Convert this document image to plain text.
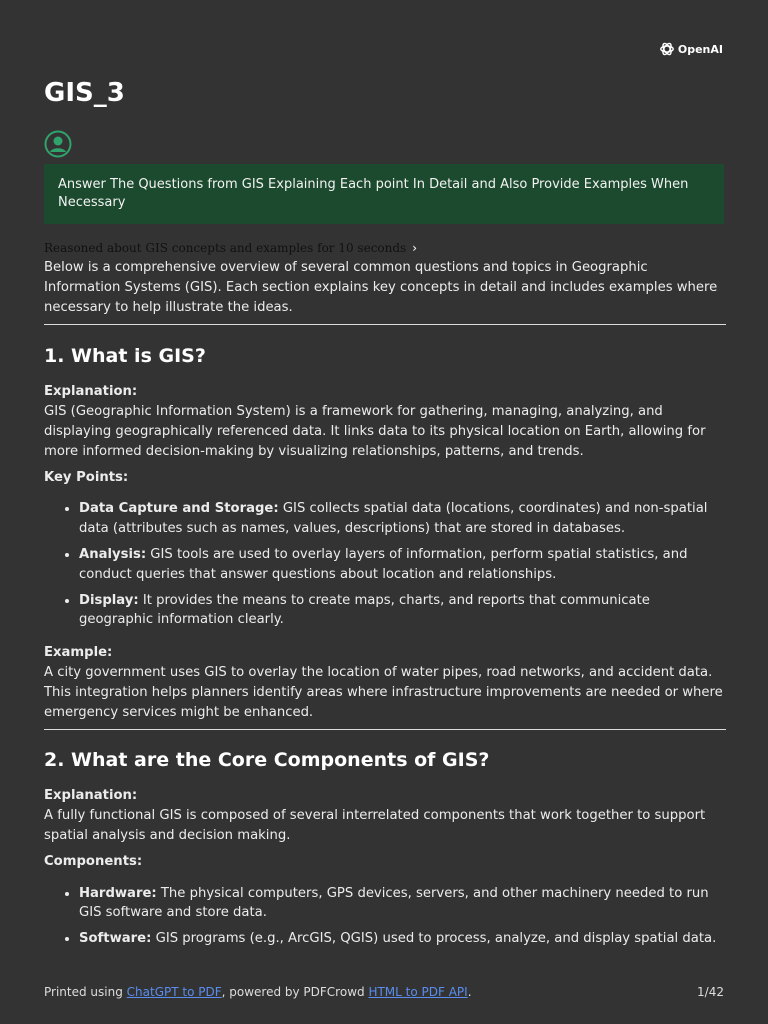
OpenAI
GIS_3
Answer The Questions from GIS Explaining Each point In Detail and Also Provide Examples When Necessary
Reasoned about GIS concepts and examples for 10 seconds ›

Below is a comprehensive overview of several common questions and topics in Geographic Information Systems (GIS). Each section explains key concepts in detail and includes examples where necessary to help illustrate the ideas.

1. What is GIS?

Explanation:
GIS (Geographic Information System) is a framework for gathering, managing, analyzing, and displaying geographically referenced data. It links data to its physical location on Earth, allowing for more informed decision-making by visualizing relationships, patterns, and trends.

Key Points:

• Data Capture and Storage: GIS collects spatial data (locations, coordinates) and non-spatial data (attributes such as names, values, descriptions) that are stored in databases.
• Analysis: GIS tools are used to overlay layers of information, perform spatial statistics, and conduct queries that answer questions about location and relationships.
• Display: It provides the means to create maps, charts, and reports that communicate geographic information clearly.

Example:
A city government uses GIS to overlay the location of water pipes, road networks, and accident data. This integration helps planners identify areas where infrastructure improvements are needed or where emergency services might be enhanced.

2. What are the Core Components of GIS?

Explanation:
A fully functional GIS is composed of several interrelated components that work together to support spatial analysis and decision making.

Components:

• Hardware: The physical computers, GPS devices, servers, and other machinery needed to run GIS software and store data.
• Software: GIS programs (e.g., ArcGIS, QGIS) used to process, analyze, and display spatial data.
Printed using ChatGPT to PDF, powered by PDFCrowd HTML to PDF API.	1/42
